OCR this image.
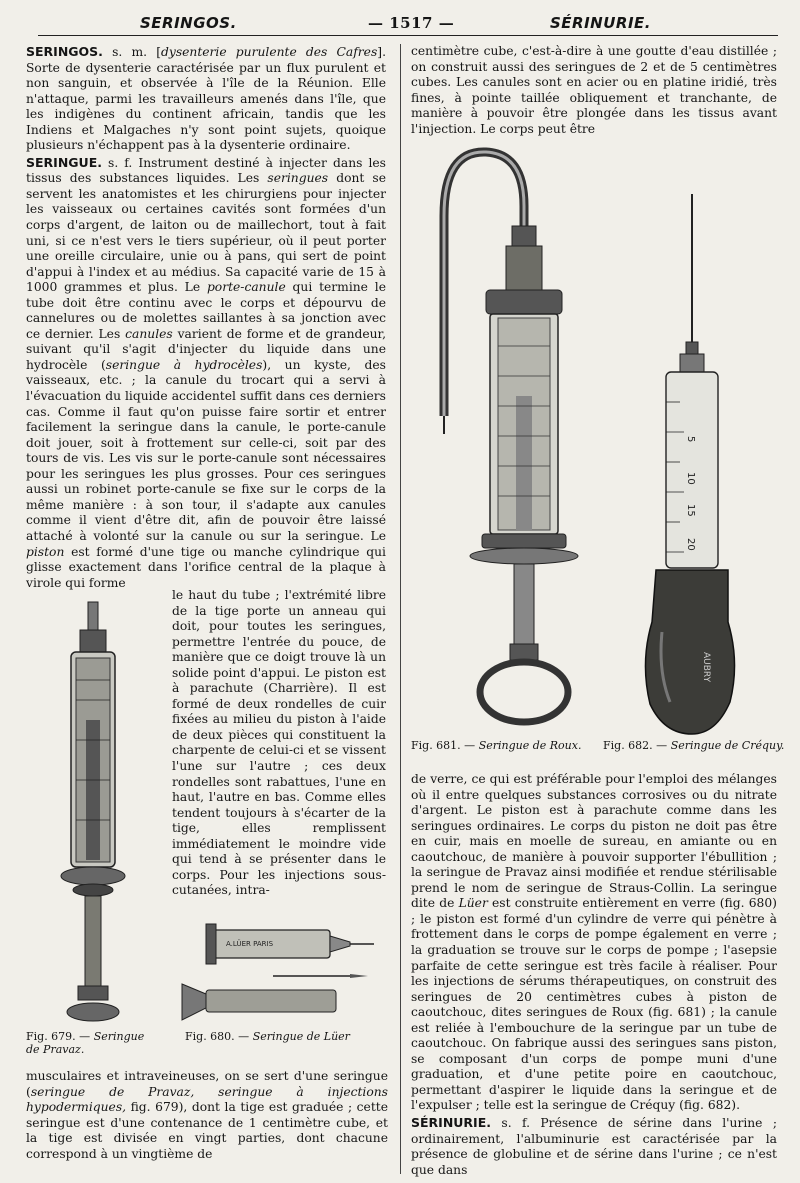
SERINGOS.	— 1517 —	SÉRINURIE.

SERINGOS. s. m. [dysenterie purulente des Cafres]. Sorte de dysenterie caractérisée par un flux purulent et non sanguin, et observée à l'île de la Réunion. Elle n'attaque, parmi les travailleurs amenés dans l'île, que les indigènes du continent africain, tandis que les Indiens et Malgaches n'y sont point sujets, quoique plusieurs n'échappent pas à la dysenterie ordinaire.

SERINGUE. s. f. Instrument destiné à injecter dans les tissus des substances liquides. Les seringues dont se servent les anatomistes et les chirurgiens pour injecter les vaisseaux ou certaines cavités sont formées d'un corps d'argent, de laiton ou de maillechort, tout à fait uni, si ce n'est vers le tiers supérieur, où il peut porter une oreille circulaire, unie ou à pans, qui sert de point d'appui à l'index et au médius. Sa capacité varie de 15 à 1000 grammes et plus. Le porte-canule qui termine le tube doit être continu avec le corps et dépourvu de cannelures ou de molettes saillantes à sa jonction avec ce dernier. Les canules varient de forme et de grandeur, suivant qu'il s'agit d'injecter du liquide dans une hydrocèle (seringue à hydrocèles), un kyste, des vaisseaux, etc. ; la canule du trocart qui a servi à l'évacuation du liquide accidentel suffit dans ces derniers cas. Comme il faut qu'on puisse faire sortir et entrer facilement la seringue dans la canule, le porte-canule doit jouer, soit à frottement sur celle-ci, soit par des tours de vis. Les vis sur le porte-canule sont nécessaires pour les seringues les plus grosses. Pour ces seringues aussi un robinet porte-canule se fixe sur le corps de la même manière : à son tour, il s'adapte aux canules comme il vient d'être dit, afin de pouvoir être laissé attaché à volonté sur la canule ou sur la seringue. Le piston est formé d'une tige ou manche cylindrique qui glisse exactement dans l'orifice central de la plaque à virole qui forme

le haut du tube ; l'extrémité libre de la tige porte un anneau qui doit, pour toutes les seringues, permettre l'entrée du pouce, de manière que ce doigt trouve là un solide point d'appui. Le piston est à parachute (Charrière). Il est formé de deux rondelles de cuir fixées au milieu du piston à l'aide de deux pièces qui constituent la charpente de celui-ci et se vissent l'une sur l'autre ; ces deux rondelles sont rabattues, l'une en haut, l'autre en bas. Comme elles tendent toujours à s'écarter de la tige, elles remplissent immédiatement le moindre vide qui tend à se présenter dans le corps. Pour les injections sous-cutanées, intra-

A.LÜER PARIS
Fig. 679. — Seringue de Pravaz.
Fig. 680. — Seringue de Lüer

musculaires et intraveineuses, on se sert d'une seringue (seringue de Pravaz, seringue à injections hypodermiques, fig. 679), dont la tige est graduée ; cette seringue est d'une contenance de 1 centimètre cube, et la tige est divisée en vingt parties, dont chacune correspond à un vingtième de

centimètre cube, c'est-à-dire à une goutte d'eau distillée ; on construit aussi des seringues de 2 et de 5 centimètres cubes. Les canules sont en acier ou en platine iridié, très fines, à pointe taillée obliquement et tranchante, de manière à pouvoir être plongée dans les tissus avant l'injection. Le corps peut être

5
10
15
20
AUBRY
Fig. 681. — Seringue de Roux.	Fig. 682. — Seringue de Créquy.

de verre, ce qui est préférable pour l'emploi des mélanges où il entre quelques substances corrosives ou du nitrate d'argent. Le piston est à parachute comme dans les seringues ordinaires. Le corps du piston ne doit pas être en cuir, mais en moelle de sureau, en amiante ou en caoutchouc, de manière à pouvoir supporter l'ébullition ; la seringue de Pravaz ainsi modifiée et rendue stérilisable prend le nom de seringue de Straus-Collin. La seringue dite de Lüer est construite entièrement en verre (fig. 680) ; le piston est formé d'un cylindre de verre qui pénètre à frottement dans le corps de pompe également en verre ; la graduation se trouve sur le corps de pompe ; l'asepsie parfaite de cette seringue est très facile à réaliser. Pour les injections de sérums thérapeutiques, on construit des seringues de 20 centimètres cubes à piston de caoutchouc, dites seringues de Roux (fig. 681) ; la canule est reliée à l'embouchure de la seringue par un tube de caoutchouc. On fabrique aussi des seringues sans piston, se composant d'un corps de pompe muni d'une graduation, et d'une petite poire en caoutchouc, permettant d'aspirer le liquide dans la seringue et de l'expulser ; telle est la seringue de Créquy (fig. 682).

SÉRINURIE. s. f. Présence de sérine dans l'urine ; ordinairement, l'albuminurie est caractérisée par la présence de globuline et de sérine dans l'urine ; ce n'est que dans
